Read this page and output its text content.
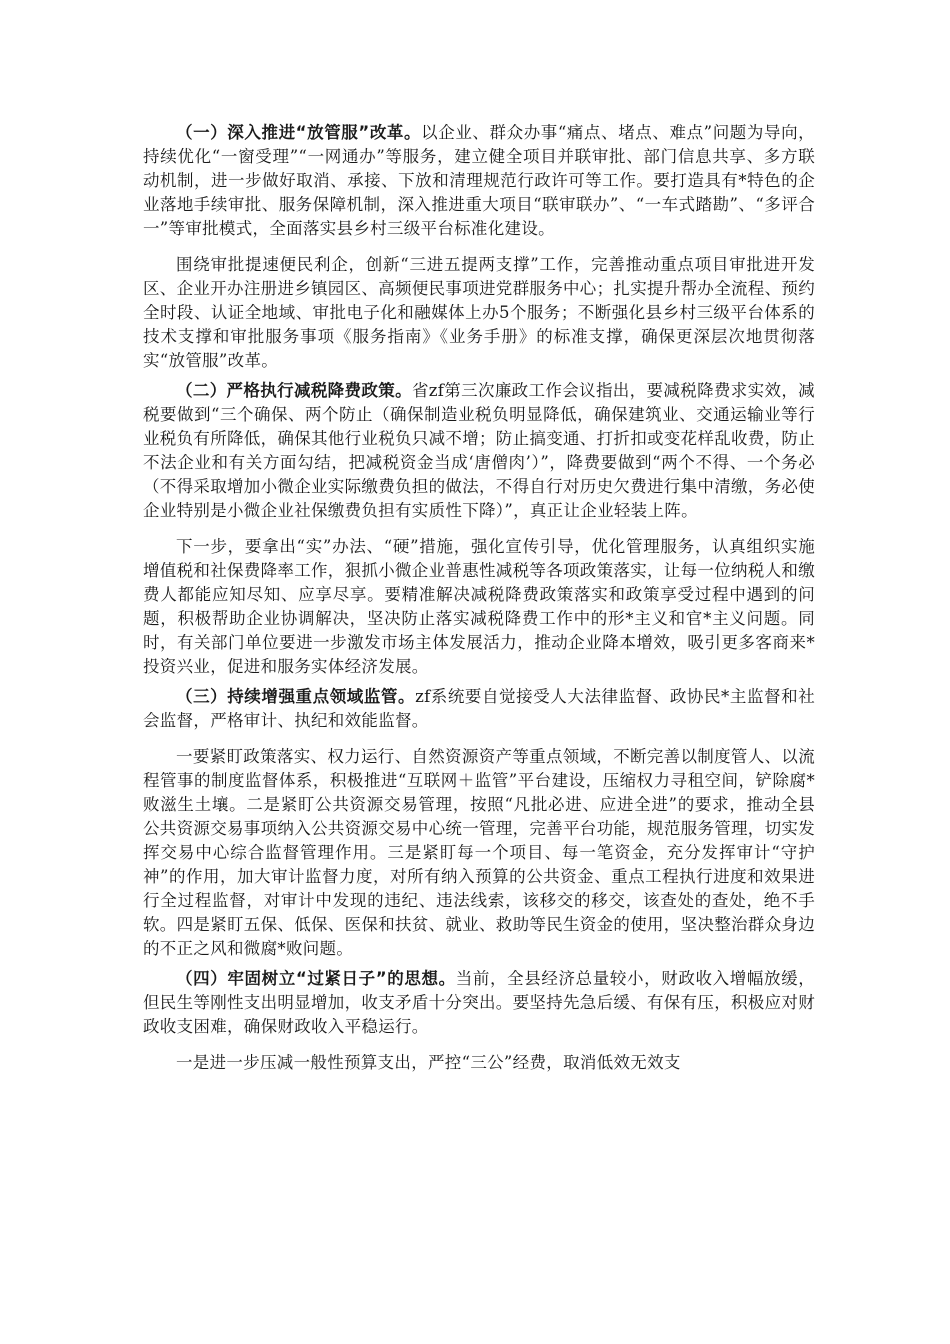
（一）深入推进“放管服”改革。以企业、群众办事“痛点、堵点、难点”问题为导向，持续优化“一窗受理”“一网通办”等服务，建立健全项目并联审批、部门信息共享、多方联动机制，进一步做好取消、承接、下放和清理规范行政许可等工作。要打造具有*特色的企业落地手续审批、服务保障机制，深入推进重大项目“联审联办”、“一车式踏勘”、“多评合一”等审批模式，全面落实县乡村三级平台标准化建设。

围绕审批提速便民利企，创新“三进五提两支撑”工作，完善推动重点项目审批进开发区、企业开办注册进乡镇园区、高频便民事项进党群服务中心；扎实提升帮办全流程、预约全时段、认证全地域、审批电子化和融媒体上办5个服务；不断强化县乡村三级平台体系的技术支撑和审批服务事项《服务指南》《业务手册》的标准支撑，确保更深层次地贯彻落实“放管服”改革。

（二）严格执行减税降费政策。省zf第三次廉政工作会议指出，要减税降费求实效，减税要做到“三个确保、两个防止（确保制造业税负明显降低，确保建筑业、交通运输业等行业税负有所降低，确保其他行业税负只减不增；防止搞变通、打折扣或变花样乱收费，防止不法企业和有关方面勾结，把减税资金当成‘唐僧肉’）”，降费要做到“两个不得、一个务必（不得采取增加小微企业实际缴费负担的做法，不得自行对历史欠费进行集中清缴，务必使企业特别是小微企业社保缴费负担有实质性下降）”，真正让企业轻装上阵。

下一步，要拿出“实”办法、“硬”措施，强化宣传引导，优化管理服务，认真组织实施增值税和社保费降率工作，狠抓小微企业普惠性减税等各项政策落实，让每一位纳税人和缴费人都能应知尽知、应享尽享。要精准解决减税降费政策落实和政策享受过程中遇到的问题，积极帮助企业协调解决，坚决防止落实减税降费工作中的形*主义和官*主义问题。同时，有关部门单位要进一步激发市场主体发展活力，推动企业降本增效，吸引更多客商来*投资兴业，促进和服务实体经济发展。

（三）持续增强重点领域监管。zf系统要自觉接受人大法律监督、政协民*主监督和社会监督，严格审计、执纪和效能监督。

一要紧盯政策落实、权力运行、自然资源资产等重点领域，不断完善以制度管人、以流程管事的制度监督体系，积极推进“互联网＋监管”平台建设，压缩权力寻租空间，铲除腐*败滋生土壤。二是紧盯公共资源交易管理，按照“凡批必进、应进全进”的要求，推动全县公共资源交易事项纳入公共资源交易中心统一管理，完善平台功能，规范服务管理，切实发挥交易中心综合监督管理作用。三是紧盯每一个项目、每一笔资金，充分发挥审计“守护神”的作用，加大审计监督力度，对所有纳入预算的公共资金、重点工程执行进度和效果进行全过程监督，对审计中发现的违纪、违法线索，该移交的移交，该查处的查处，绝不手软。四是紧盯五保、低保、医保和扶贫、就业、救助等民生资金的使用，坚决整治群众身边的不正之风和微腐*败问题。

（四）牢固树立“过紧日子”的思想。当前，全县经济总量较小，财政收入增幅放缓，但民生等刚性支出明显增加，收支矛盾十分突出。要坚持先急后缓、有保有压，积极应对财政收支困难，确保财政收入平稳运行。

一是进一步压减一般性预算支出，严控“三公”经费，取消低效无效支
